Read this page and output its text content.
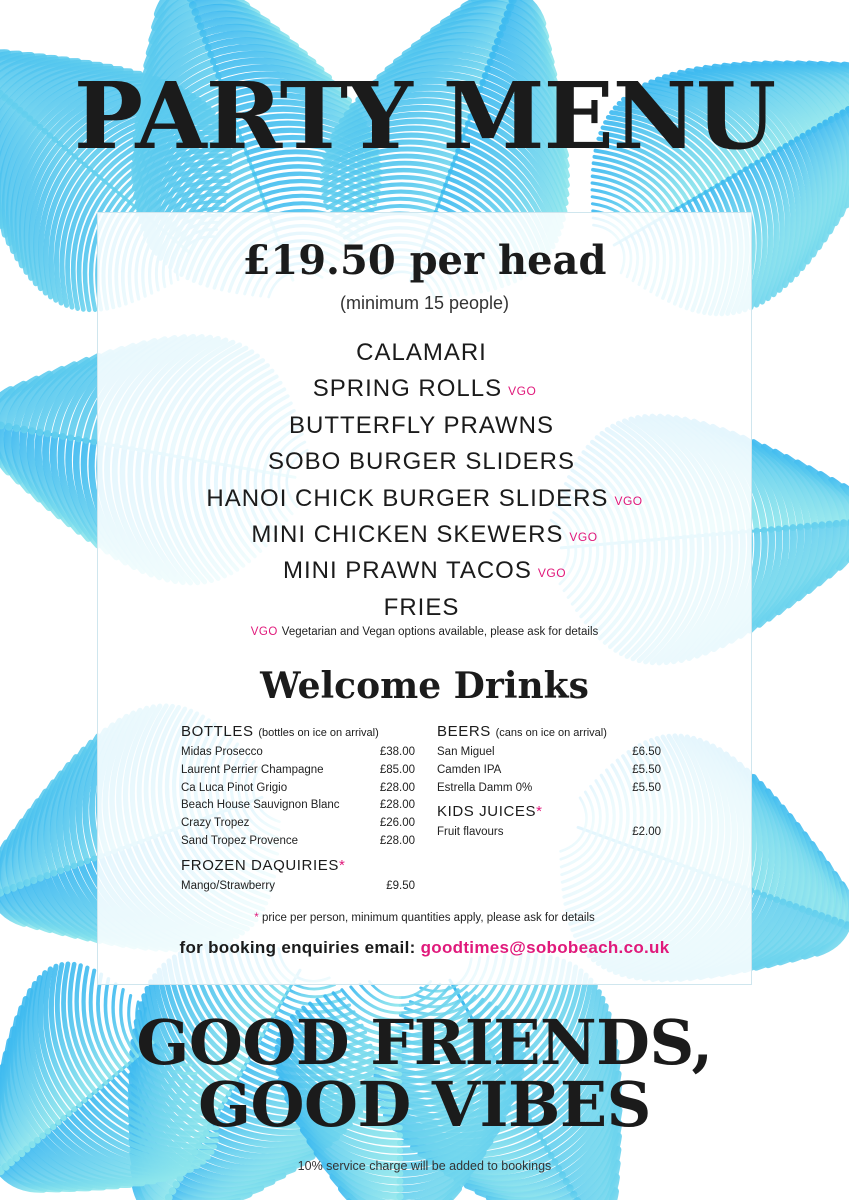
PARTY MENU
£19.50 per head
(minimum 15 people)
CALAMARI
SPRING ROLLS VGO
BUTTERFLY PRAWNS
SOBO BURGER SLIDERS
HANOI CHICK BURGER SLIDERS VGO
MINI CHICKEN SKEWERS VGO
MINI PRAWN TACOS VGO
FRIES
VGO Vegetarian and Vegan options available, please ask for details
Welcome Drinks
BOTTLES (bottles on ice on arrival)
Midas Prosecco	£38.00
Laurent Perrier Champagne	£85.00
Ca Luca Pinot Grigio	£28.00
Beach House Sauvignon Blanc	£28.00
Crazy Tropez	£26.00
Sand Tropez Provence	£28.00
FROZEN DAQUIRIES*
Mango/Strawberry	£9.50
BEERS (cans on ice on arrival)
San Miguel	£6.50
Camden IPA	£5.50
Estrella Damm 0%	£5.50
KIDS JUICES*
Fruit flavours	£2.00
* price per person, minimum quantities apply, please ask for details
for booking enquiries email: goodtimes@sobobeach.co.uk
GOOD FRIENDS,
GOOD VIBES
10% service charge will be added to bookings
